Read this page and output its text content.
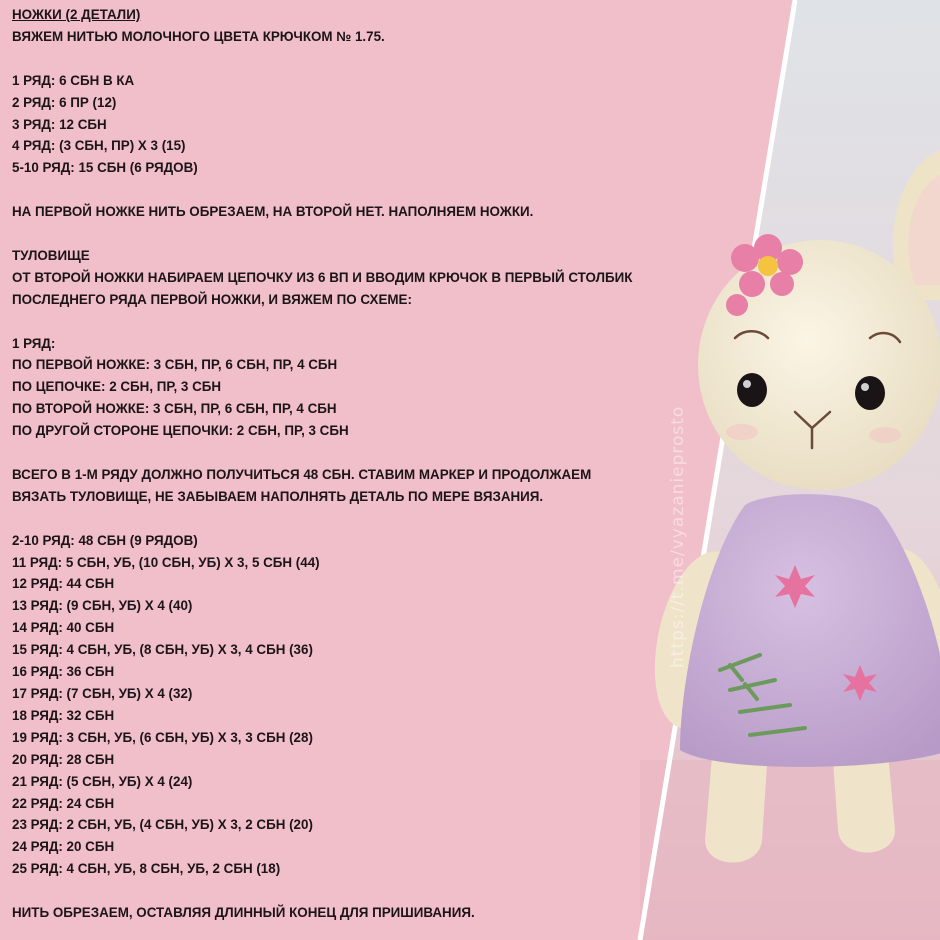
https://t.me/vyazanieprosto
НОЖКИ (2 ДЕТАЛИ)
ВЯЖЕМ НИТЬЮ МОЛОЧНОГО ЦВЕТА КРЮЧКОМ № 1.75.
1 РЯД: 6 СБН В КА
2 РЯД: 6 ПР (12)
3 РЯД: 12 СБН
4 РЯД: (3 СБН, ПР) Х 3 (15)
5-10 РЯД: 15 СБН (6 РЯДОВ)
НА ПЕРВОЙ НОЖКЕ НИТЬ ОБРЕЗАЕМ, НА ВТОРОЙ НЕТ. НАПОЛНЯЕМ НОЖКИ.
ТУЛОВИЩЕ
ОТ ВТОРОЙ НОЖКИ НАБИРАЕМ ЦЕПОЧКУ ИЗ 6 ВП И ВВОДИМ КРЮЧОК В ПЕРВЫЙ СТОЛБИК
ПОСЛЕДНЕГО РЯДА ПЕРВОЙ НОЖКИ, И ВЯЖЕМ ПО СХЕМЕ:
1 РЯД:
ПО ПЕРВОЙ НОЖКЕ: 3 СБН, ПР, 6 СБН, ПР, 4 СБН
ПО ЦЕПОЧКЕ: 2 СБН, ПР, 3 СБН
ПО ВТОРОЙ НОЖКЕ: 3 СБН, ПР, 6 СБН, ПР, 4 СБН
ПО ДРУГОЙ СТОРОНЕ ЦЕПОЧКИ: 2 СБН, ПР, 3 СБН
ВСЕГО В 1-М РЯДУ ДОЛЖНО ПОЛУЧИТЬСЯ 48 СБН. СТАВИМ МАРКЕР И ПРОДОЛЖАЕМ
ВЯЗАТЬ ТУЛОВИЩЕ, НЕ ЗАБЫВАЕМ НАПОЛНЯТЬ ДЕТАЛЬ ПО МЕРЕ ВЯЗАНИЯ.
2-10 РЯД: 48 СБН (9 РЯДОВ)
11 РЯД: 5 СБН, УБ, (10 СБН, УБ) Х 3, 5 СБН (44)
12 РЯД: 44 СБН
13 РЯД: (9 СБН, УБ) Х 4 (40)
14 РЯД: 40 СБН
15 РЯД: 4 СБН, УБ, (8 СБН, УБ) Х 3, 4 СБН (36)
16 РЯД: 36 СБН
17 РЯД: (7 СБН, УБ) Х 4 (32)
18 РЯД: 32 СБН
19 РЯД: 3 СБН, УБ, (6 СБН, УБ) Х 3, 3 СБН (28)
20 РЯД: 28 СБН
21 РЯД: (5 СБН, УБ) Х 4 (24)
22 РЯД: 24 СБН
23 РЯД: 2 СБН, УБ, (4 СБН, УБ) Х 3, 2 СБН (20)
24 РЯД: 20 СБН
25 РЯД: 4 СБН, УБ, 8 СБН, УБ, 2 СБН (18)
НИТЬ ОБРЕЗАЕМ, ОСТАВЛЯЯ ДЛИННЫЙ КОНЕЦ ДЛЯ ПРИШИВАНИЯ.
